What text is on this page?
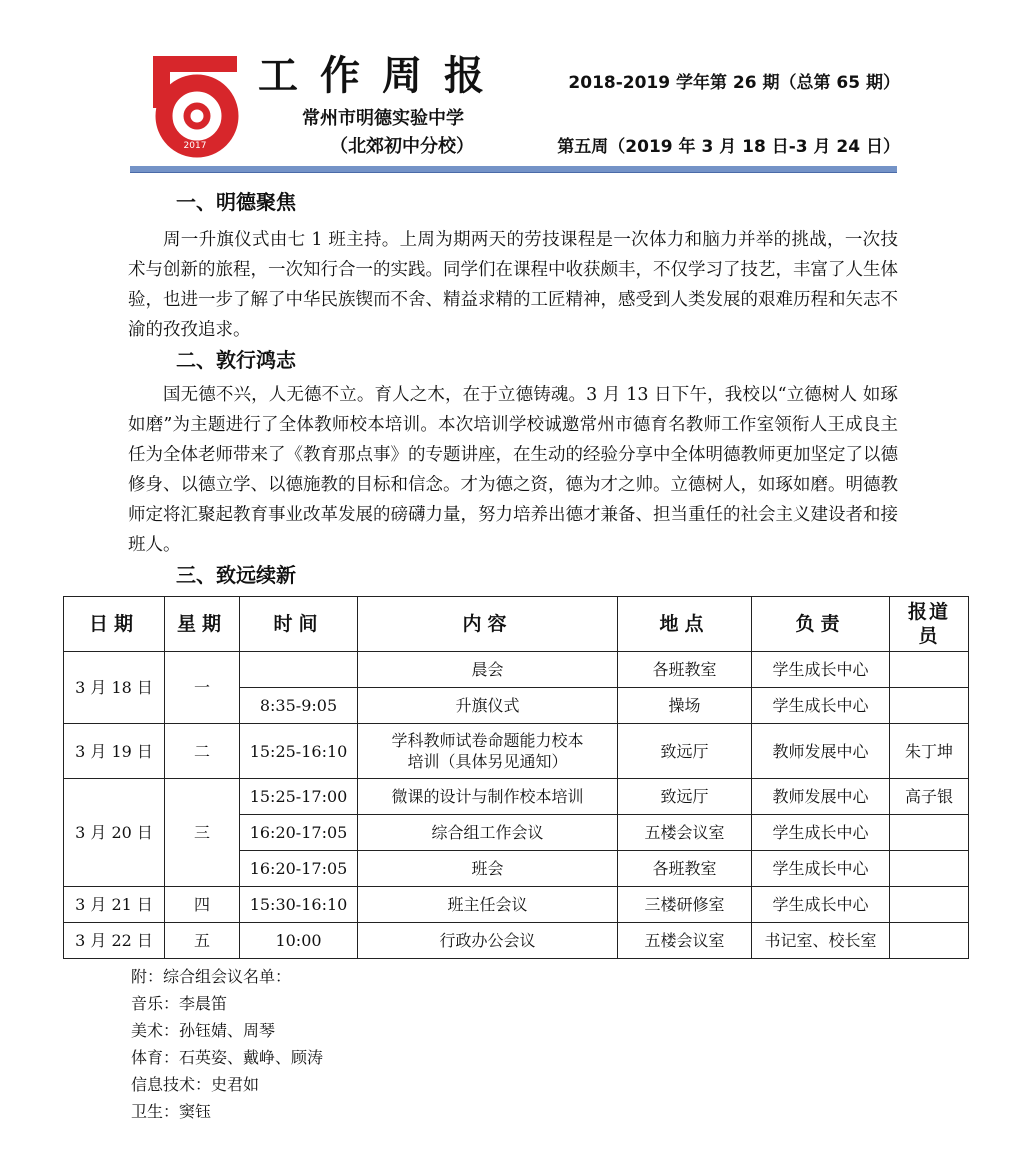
2017
工作周报	2018-2019 学年第 26 期（总第 65 期）
常州市明德实验中学
（北郊初中分校）	第五周（2019 年 3 月 18 日-3 月 24 日）
一、明德聚焦

周一升旗仪式由七 1 班主持。上周为期两天的劳技课程是一次体力和脑力并举的挑战，一次技术与创新的旅程，一次知行合一的实践。同学们在课程中收获颇丰，不仅学习了技艺，丰富了人生体验，也进一步了解了中华民族锲而不舍、精益求精的工匠精神，感受到人类发展的艰难历程和矢志不渝的孜孜追求。

二、敦行鸿志

国无德不兴，人无德不立。育人之木，在于立德铸魂。3 月 13 日下午，我校以“立德树人 如琢如磨”为主题进行了全体教师校本培训。本次培训学校诚邀常州市德育名教师工作室领衔人王成良主任为全体老师带来了《教育那点事》的专题讲座，在生动的经验分享中全体明德教师更加坚定了以德修身、以德立学、以德施教的目标和信念。才为德之资，德为才之帅。立德树人，如琢如磨。明德教师定将汇聚起教育事业改革发展的磅礴力量，努力培养出德才兼备、担当重任的社会主义建设者和接班人。

三、致远续新
日期	星期	时间	内容	地点	负责	报道员
3 月 18 日	一		晨会	各班教室	学生成长中心	
		8:35-9:05	升旗仪式	操场	学生成长中心	
3 月 19 日	二	15:25-16:10	学科教师试卷命题能力校本培训（具体另见通知）	致远厅	教师发展中心	朱丁坤
3 月 20 日	三	15:25-17:00	微课的设计与制作校本培训	致远厅	教师发展中心	高子银
		16:20-17:05	综合组工作会议	五楼会议室	学生成长中心	
		16:20-17:05	班会	各班教室	学生成长中心	
3 月 21 日	四	15:30-16:10	班主任会议	三楼研修室	学生成长中心	
3 月 22 日	五	10:00	行政办公会议	五楼会议室	书记室、校长室	
附：综合组会议名单：
音乐：李晨笛
美术：孙钰婧、周琴
体育：石英姿、戴峥、顾涛
信息技术：史君如
卫生：窦钰
